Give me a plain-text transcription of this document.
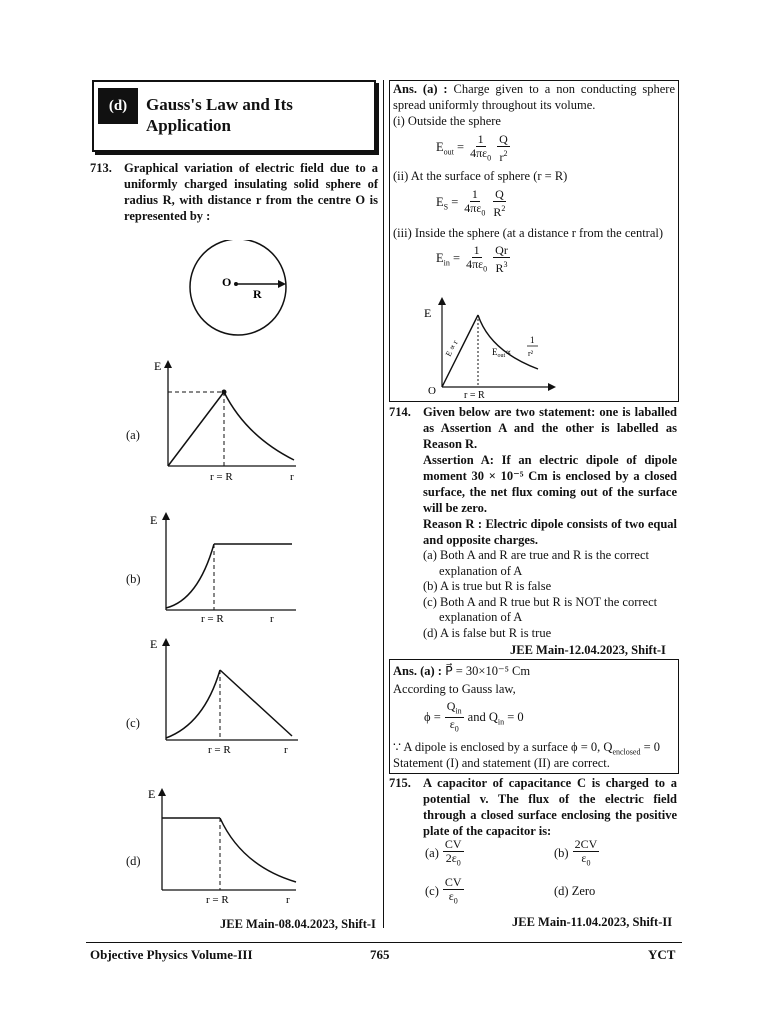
(d)	Gauss's Law and Its
Application
713. Graphical variation of electric field due to a uniformly charged insulating solid sphere of radius R, with distance r from the centre O is represented by :
O
R
(a)
E
r = R	r
(b)
E
r = R	r
(c)
E
r = R	r
(d)
E
r = R	r
JEE Main-08.04.2023, Shift-I
Ans. (a) : Charge given to a non conducting sphere spread uniformly throughout its volume.
(i) Outside the sphere
$E_{out} = \frac{1}{4\pi\varepsilon_0} \frac{Q}{r^2}$
(ii) At the surface of sphere (r = R)
$E_S = \frac{1}{4\pi\varepsilon_0} \frac{Q}{R^2}$
(iii) Inside the sphere (at a distance r from the central)
$E_{in} = \frac{1}{4\pi\varepsilon_0} \frac{Qr}{R^3}$
E
O
E ∝ r	$E_{out}\propto$
1
r²
r = R
714. Given below are two statement: one is laballed as Assertion A and the other is labelled as Reason R.
Assertion A: If an electric dipole of dipole moment 30 × 10⁻⁵ Cm is enclosed by a closed surface, the net flux coming out of the surface will be zero.
Reason R : Electric dipole consists of two equal and opposite charges.
(a) Both A and R are true and R is the correct explanation of A
(b) A is true but R is false
(c) Both A and R true but R is NOT the correct explanation of A
(d) A is false but R is true
JEE Main-12.04.2023, Shift-I
Ans. (a) : P⃗ = 30×10⁻⁵ Cm
According to Gauss law,
$\phi = \frac{Q_{in}}{\varepsilon_0}$ and $Q_{in} = 0$
∵ A dipole is enclosed by a surface ϕ = 0, $Q_{enclosed} = 0$
Statement (I) and statement (II) are correct.
715. A capacitor of capacitance C is charged to a potential v. The flux of the electric field through a closed surface enclosing the positive plate of the capacitor is:
$(a) \frac{CV}{2\varepsilon_0}$	$(b) \frac{2CV}{\varepsilon_0}$
$(c) \frac{CV}{\varepsilon_0}$	(d) Zero
JEE Main-11.04.2023, Shift-II
Objective Physics Volume-III	765	YCT
